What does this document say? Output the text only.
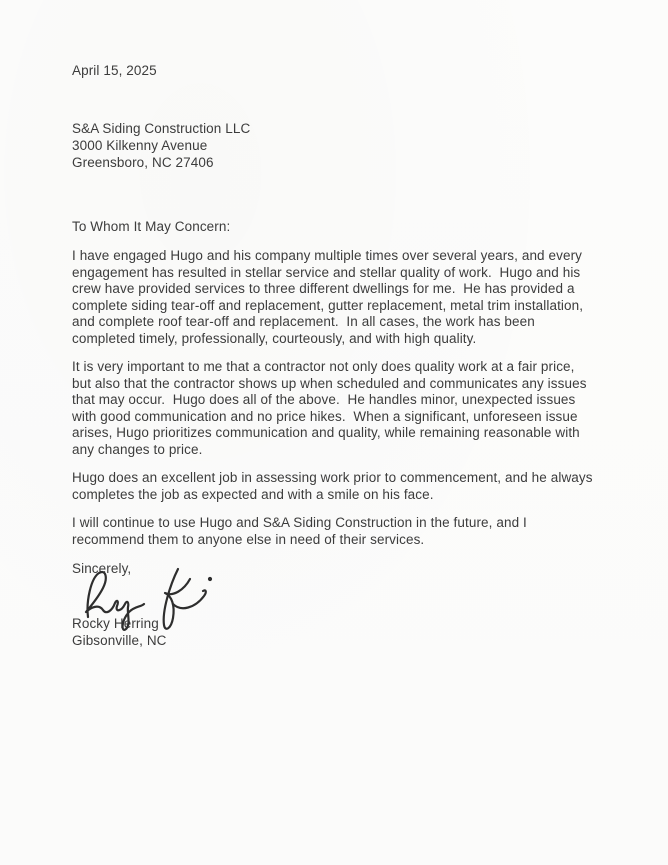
April 15, 2025

S&A Siding Construction LLC

3000 Kilkenny Avenue

Greensboro, NC 27406

To Whom It May Concern:

I have engaged Hugo and his company multiple times over several years, and every engagement has resulted in stellar service and stellar quality of work.  Hugo and his crew have provided services to three different dwellings for me.  He has provided a complete siding tear-off and replacement, gutter replacement, metal trim installation, and complete roof tear-off and replacement.  In all cases, the work has been completed timely, professionally, courteously, and with high quality.

It is very important to me that a contractor not only does quality work at a fair price, but also that the contractor shows up when scheduled and communicates any issues that may occur.  Hugo does all of the above.  He handles minor, unexpected issues with good communication and no price hikes.  When a significant, unforeseen issue arises, Hugo prioritizes communication and quality, while remaining reasonable with any changes to price.

Hugo does an excellent job in assessing work prior to commencement, and he always completes the job as expected and with a smile on his face.

I will continue to use Hugo and S&A Siding Construction in the future, and I recommend them to anyone else in need of their services.

Sincerely,

Rocky Herring

Gibsonville, NC
